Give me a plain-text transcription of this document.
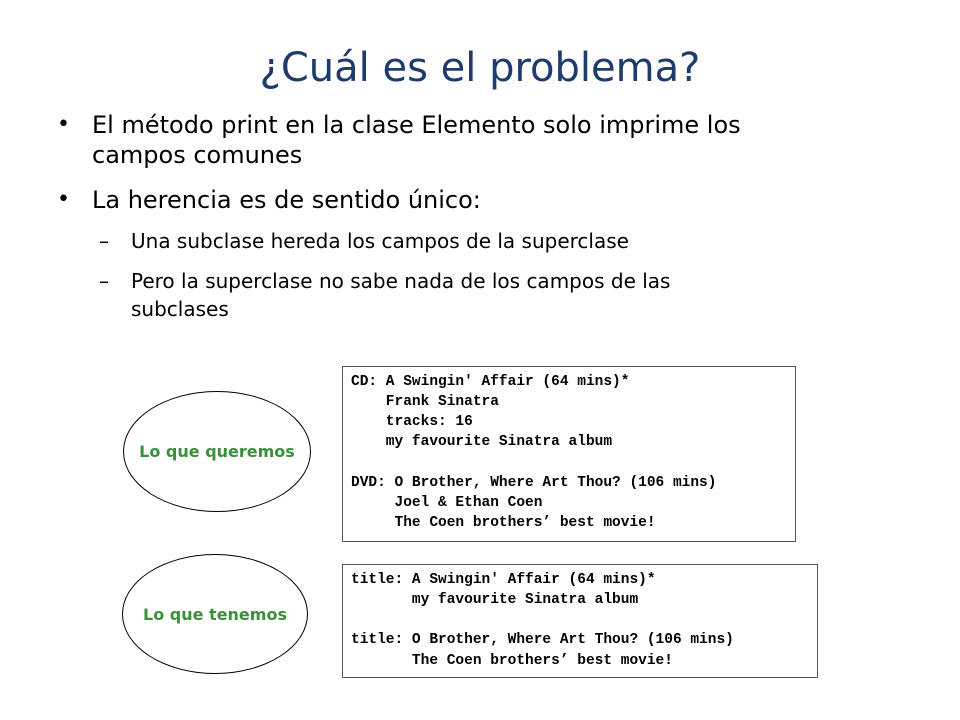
¿Cuál es el problema?
• El método print en la clase Elemento solo imprime los
campos comunes
• La herencia es de sentido único:
– Una subclase hereda los campos de la superclase
– Pero la superclase no sabe nada de los campos de las
subclases
Lo que queremos
CD: A Swingin' Affair (64 mins)*
Frank Sinatra
tracks: 16
my favourite Sinatra album
DVD: O Brother, Where Art Thou? (106 mins)
Joel & Ethan Coen
The Coen brothers’ best movie!
Lo que tenemos
title: A Swingin' Affair (64 mins)*
my favourite Sinatra album
title: O Brother, Where Art Thou? (106 mins)
The Coen brothers’ best movie!
